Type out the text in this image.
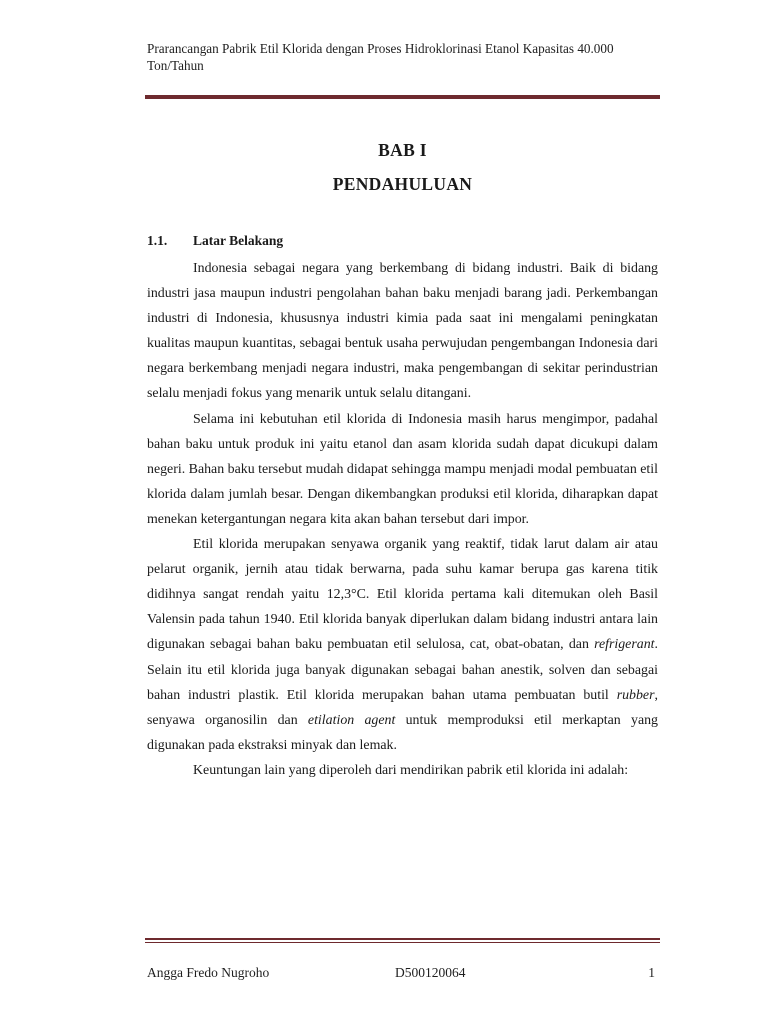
Prarancangan Pabrik Etil Klorida dengan Proses Hidroklorinasi Etanol Kapasitas 40.000 Ton/Tahun
BAB I
PENDAHULUAN
1.1. Latar Belakang

Indonesia sebagai negara yang berkembang di bidang industri. Baik di bidang industri jasa maupun industri pengolahan bahan baku menjadi barang jadi. Perkembangan industri di Indonesia, khususnya industri kimia pada saat ini mengalami peningkatan kualitas maupun kuantitas, sebagai bentuk usaha perwujudan pengembangan Indonesia dari negara berkembang menjadi negara industri, maka pengembangan di sekitar perindustrian selalu menjadi fokus yang menarik untuk selalu ditangani.

Selama ini kebutuhan etil klorida di Indonesia masih harus mengimpor, padahal bahan baku untuk produk ini yaitu etanol dan asam klorida sudah dapat dicukupi dalam negeri. Bahan baku tersebut mudah didapat sehingga mampu menjadi modal pembuatan etil klorida dalam jumlah besar. Dengan dikembangkan produksi etil klorida, diharapkan dapat menekan ketergantungan negara kita akan bahan tersebut dari impor.

Etil klorida merupakan senyawa organik yang reaktif, tidak larut dalam air atau pelarut organik, jernih atau tidak berwarna, pada suhu kamar berupa gas karena titik didihnya sangat rendah yaitu 12,3°C. Etil klorida pertama kali ditemukan oleh Basil Valensin pada tahun 1940. Etil klorida banyak diperlukan dalam bidang industri antara lain digunakan sebagai bahan baku pembuatan etil selulosa, cat, obat-obatan, dan refrigerant. Selain itu etil klorida juga banyak digunakan sebagai bahan anestik, solven dan sebagai bahan industri plastik. Etil klorida merupakan bahan utama pembuatan butil rubber, senyawa organosilin dan etilation agent untuk memproduksi etil merkaptan yang digunakan pada ekstraksi minyak dan lemak.

Keuntungan lain yang diperoleh dari mendirikan pabrik etil klorida ini adalah:

Angga Fredo Nugroho	D500120064	1
